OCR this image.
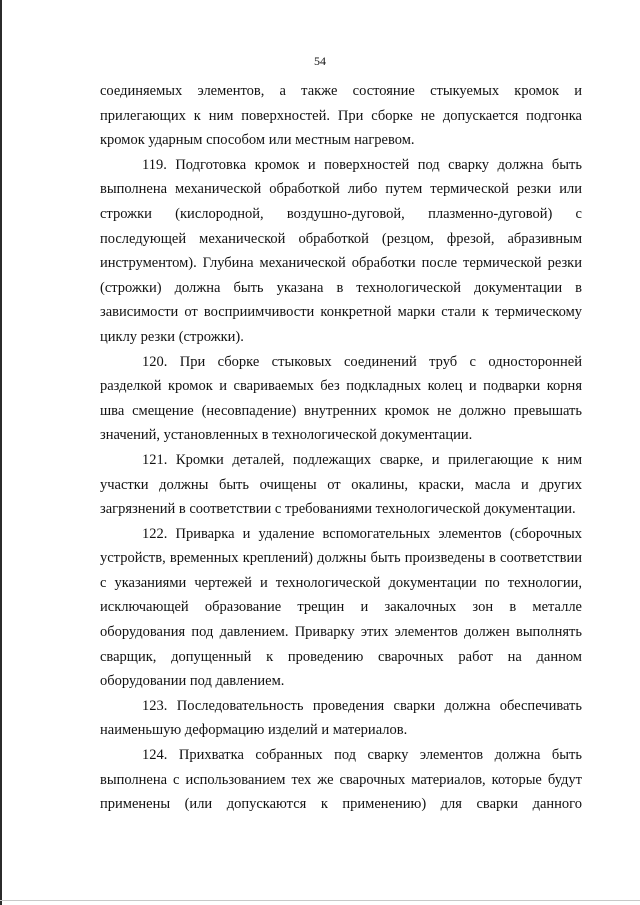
54

соединяемых элементов, а также состояние стыкуемых кромок и прилегающих к ним поверхностей. При сборке не допускается подгонка кромок ударным способом или местным нагревом.

119. Подготовка кромок и поверхностей под сварку должна быть выполнена механической обработкой либо путем термической резки или строжки (кислородной, воздушно-дуговой, плазменно-дуговой) с последующей механической обработкой (резцом, фрезой, абразивным инструментом). Глубина механической обработки после термической резки (строжки) должна быть указана в технологической документации в зависимости от восприимчивости конкретной марки стали к термическому циклу резки (строжки).

120. При сборке стыковых соединений труб с односторонней разделкой кромок и свариваемых без подкладных колец и подварки корня шва смещение (несовпадение) внутренних кромок не должно превышать значений, установленных в технологической документации.

121. Кромки деталей, подлежащих сварке, и прилегающие к ним участки должны быть очищены от окалины, краски, масла и других загрязнений в соответствии с требованиями технологической документации.

122. Приварка и удаление вспомогательных элементов (сборочных устройств, временных креплений) должны быть произведены в соответствии с указаниями чертежей и технологической документации по технологии, исключающей образование трещин и закалочных зон в металле оборудования под давлением. Приварку этих элементов должен выполнять сварщик, допущенный к проведению сварочных работ на данном оборудовании под давлением.

123. Последовательность проведения сварки должна обеспечивать наименьшую деформацию изделий и материалов.

124. Прихватка собранных под сварку элементов должна быть выполнена с использованием тех же сварочных материалов, которые будут применены (или допускаются к применению) для сварки данного
